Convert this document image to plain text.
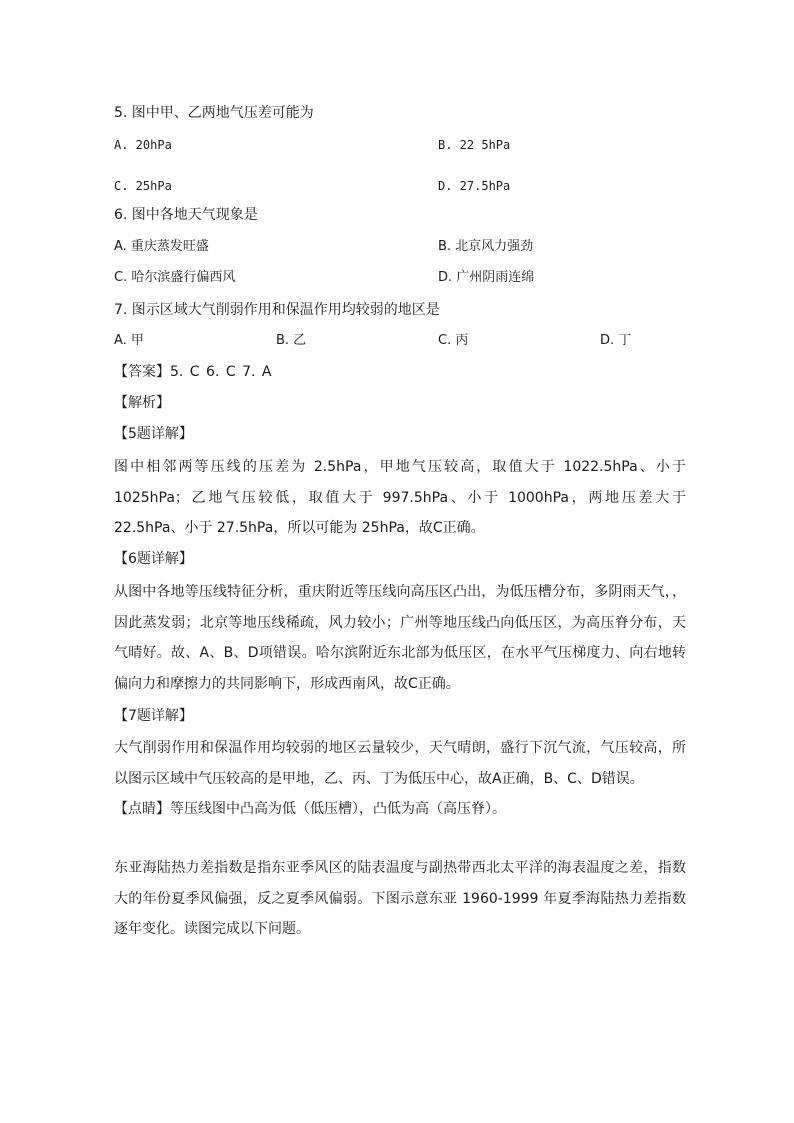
5. 图中甲、乙两地气压差可能为
A. 20hPa	B. 22 5hPa
C. 25hPa	D. 27.5hPa
6. 图中各地天气现象是
A. 重庆蒸发旺盛	B. 北京风力强劲
C. 哈尔滨盛行偏西风	D. 广州阴雨连绵
7. 图示区域大气削弱作用和保温作用均较弱的地区是
A. 甲	B. 乙	C. 丙	D. 丁
【答案】5. C 6. C 7. A
【解析】
【5题详解】
图中相邻两等压线的压差为 2.5hPa，甲地气压较高，取值大于 1022.5hPa、小于 1025hPa；乙地气压较低，取值大于 997.5hPa、小于 1000hPa，两地压差大于 22.5hPa、小于 27.5hPa，所以可能为 25hPa，故C正确。
【6题详解】
从图中各地等压线特征分析，重庆附近等压线向高压区凸出，为低压槽分布，多阴雨天气，，因此蒸发弱；北京等地压线稀疏，风力较小；广州等地压线凸向低压区，为高压脊分布，天气晴好。故、A、B、D项错误。哈尔滨附近东北部为低压区，在水平气压梯度力、向右地转偏向力和摩擦力的共同影响下，形成西南风，故C正确。
【7题详解】
大气削弱作用和保温作用均较弱的地区云量较少，天气晴朗，盛行下沉气流，气压较高，所以图示区域中气压较高的是甲地，乙、丙、丁为低压中心，故A正确，B、C、D错误。
【点睛】等压线图中凸高为低（低压槽），凸低为高（高压脊）。
东亚海陆热力差指数是指东亚季风区的陆表温度与副热带西北太平洋的海表温度之差，指数大的年份夏季风偏强，反之夏季风偏弱。下图示意东亚 1960-1999 年夏季海陆热力差指数逐年变化。读图完成以下问题。
